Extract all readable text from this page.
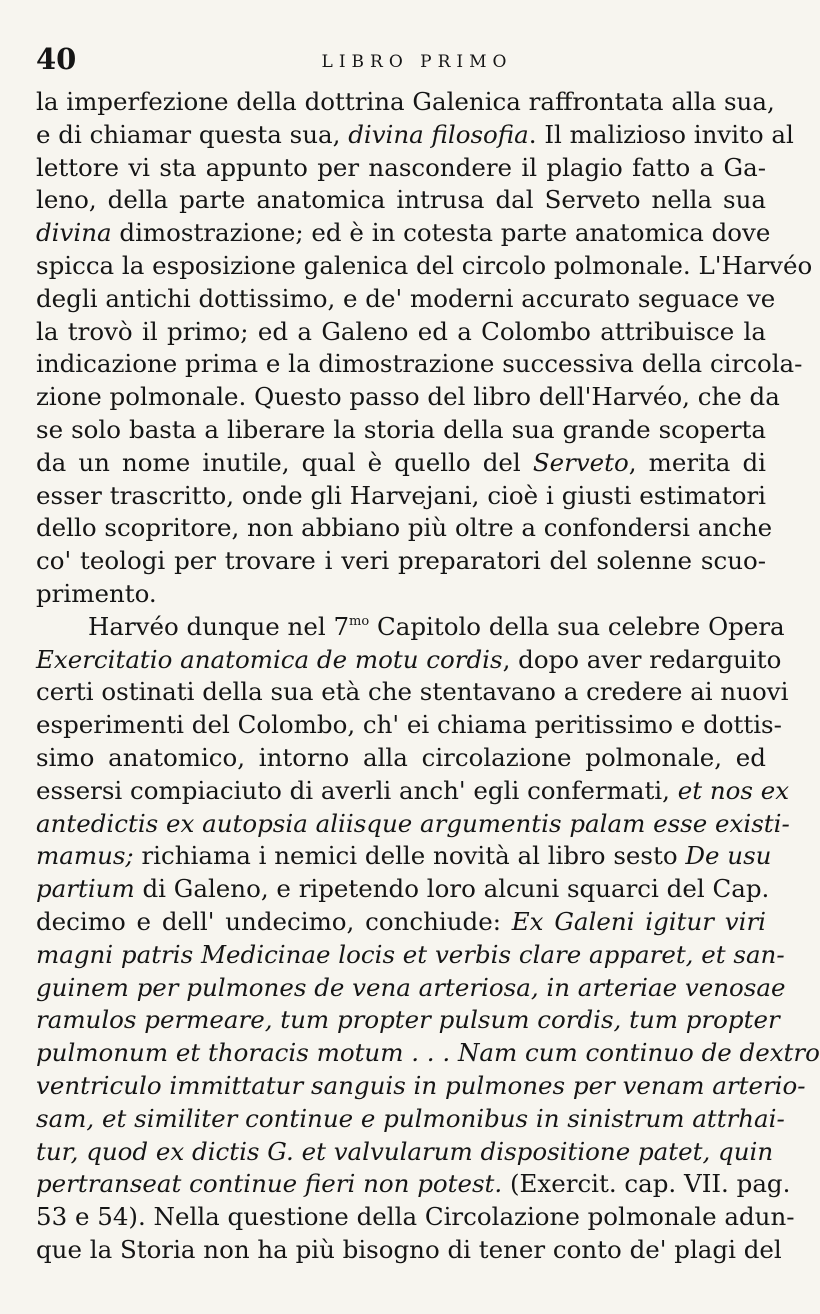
40	LIBRO PRIMO
la imperfezione della dottrina Galenica raffrontata alla sua,
e di chiamar questa sua, divina filosofia. Il malizioso invito al
lettore vi sta appunto per nascondere il plagio fatto a Ga-
leno, della parte anatomica intrusa dal Serveto nella sua
divina dimostrazione; ed è in cotesta parte anatomica dove
spicca la esposizione galenica del circolo polmonale. L'Harvéo
degli antichi dottissimo, e de' moderni accurato seguace ve
la trovò il primo; ed a Galeno ed a Colombo attribuisce la
indicazione prima e la dimostrazione successiva della circola-
zione polmonale. Questo passo del libro dell'Harvéo, che da
se solo basta a liberare la storia della sua grande scoperta
da un nome inutile, qual è quello del Serveto, merita di
esser trascritto, onde gli Harvejani, cioè i giusti estimatori
dello scopritore, non abbiano più oltre a confondersi anche
co' teologi per trovare i veri preparatori del solenne scuo-
primento.
Harvéo dunque nel $7^{mo}$ Capitolo della sua celebre Opera
Exercitatio anatomica de motu cordis, dopo aver redarguito
certi ostinati della sua età che stentavano a credere ai nuovi
esperimenti del Colombo, ch' ei chiama peritissimo e dottis-
simo anatomico, intorno alla circolazione polmonale, ed
essersi compiaciuto di averli anch' egli confermati, et nos ex
antedictis ex autopsia aliisque argumentis palam esse existi-
mamus; richiama i nemici delle novità al libro sesto De usu
partium di Galeno, e ripetendo loro alcuni squarci del Cap.
decimo e dell' undecimo, conchiude: Ex Galeni igitur viri
magni patris Medicinae locis et verbis clare apparet, et san-
guinem per pulmones de vena arteriosa, in arteriae venosae
ramulos permeare, tum propter pulsum cordis, tum propter
pulmonum et thoracis motum . . . Nam cum continuo de dextro
ventriculo immittatur sanguis in pulmones per venam arterio-
sam, et similiter continue e pulmonibus in sinistrum attrhai-
tur, quod ex dictis G. et valvularum dispositione patet, quin
pertranseat continue fieri non potest. (Exercit. cap. VII. pag.
53 e 54). Nella questione della Circolazione polmonale adun-
que la Storia non ha più bisogno di tener conto de' plagi del
